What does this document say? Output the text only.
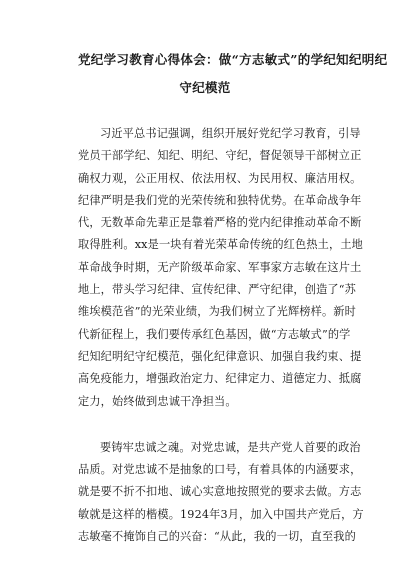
党纪学习教育心得体会：做“方志敏式”的学纪知纪明纪
守纪模范

习近平总书记强调，组织开展好党纪学习教育，引导
党员干部学纪、知纪、明纪、守纪，督促领导干部树立正
确权力观，公正用权、依法用权、为民用权、廉洁用权。
纪律严明是我们党的光荣传统和独特优势。在革命战争年
代，无数革命先辈正是靠着严格的党内纪律推动革命不断
取得胜利。xx是一块有着光荣革命传统的红色热土，土地
革命战争时期，无产阶级革命家、军事家方志敏在这片土
地上，带头学习纪律、宣传纪律、严守纪律，创造了“苏
维埃模范省”的光荣业绩，为我们树立了光辉榜样。新时
代新征程上，我们要传承红色基因，做“方志敏式”的学
纪知纪明纪守纪模范，强化纪律意识、加强自我约束、提
高免疫能力，增强政治定力、纪律定力、道德定力、抵腐
定力，始终做到忠诚干净担当。

要铸牢忠诚之魂。对党忠诚，是共产党人首要的政治
品质。对党忠诚不是抽象的口号，有着具体的内涵要求，
就是要不折不扣地、诚心实意地按照党的要求去做。方志
敏就是这样的楷模。1924年3月，加入中国共产党后，方
志敏毫不掩饰自己的兴奋：“从此，我的一切，直至我的
